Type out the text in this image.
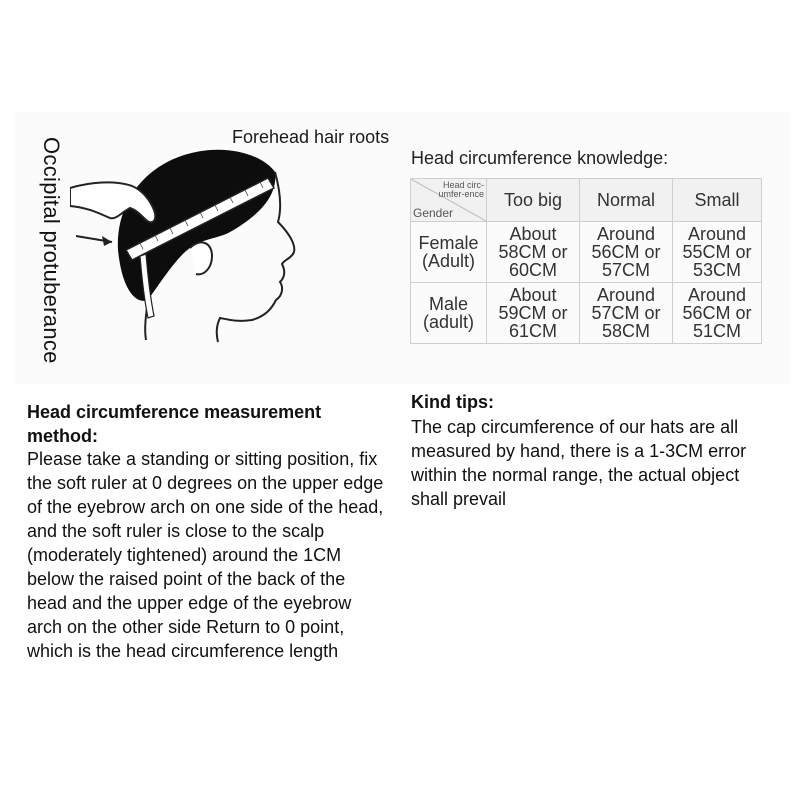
Forehead hair roots
Occipital protuberance	Head circumference knowledge:
Head circ-umfer-ence
Gender	Too big	Normal	Small
Female (Adult)	About 58CM or 60CM	Around 56CM or 57CM	Around 55CM or 53CM
Male (adult)	About 59CM or 61CM	Around 57CM or 58CM	Around 56CM or 51CM
Kind tips:
The cap circumference of our hats are all measured by hand, there is a 1-3CM error within the normal range, the actual object shall prevail
Head circumference measurement method:
Please take a standing or sitting position, fix the soft ruler at 0 degrees on the upper edge of the eyebrow arch on one side of the head, and the soft ruler is close to the scalp (moderately tightened) around the 1CM below the raised point of the back of the head and the upper edge of the eyebrow arch on the other side Return to 0 point, which is the head circumference length
